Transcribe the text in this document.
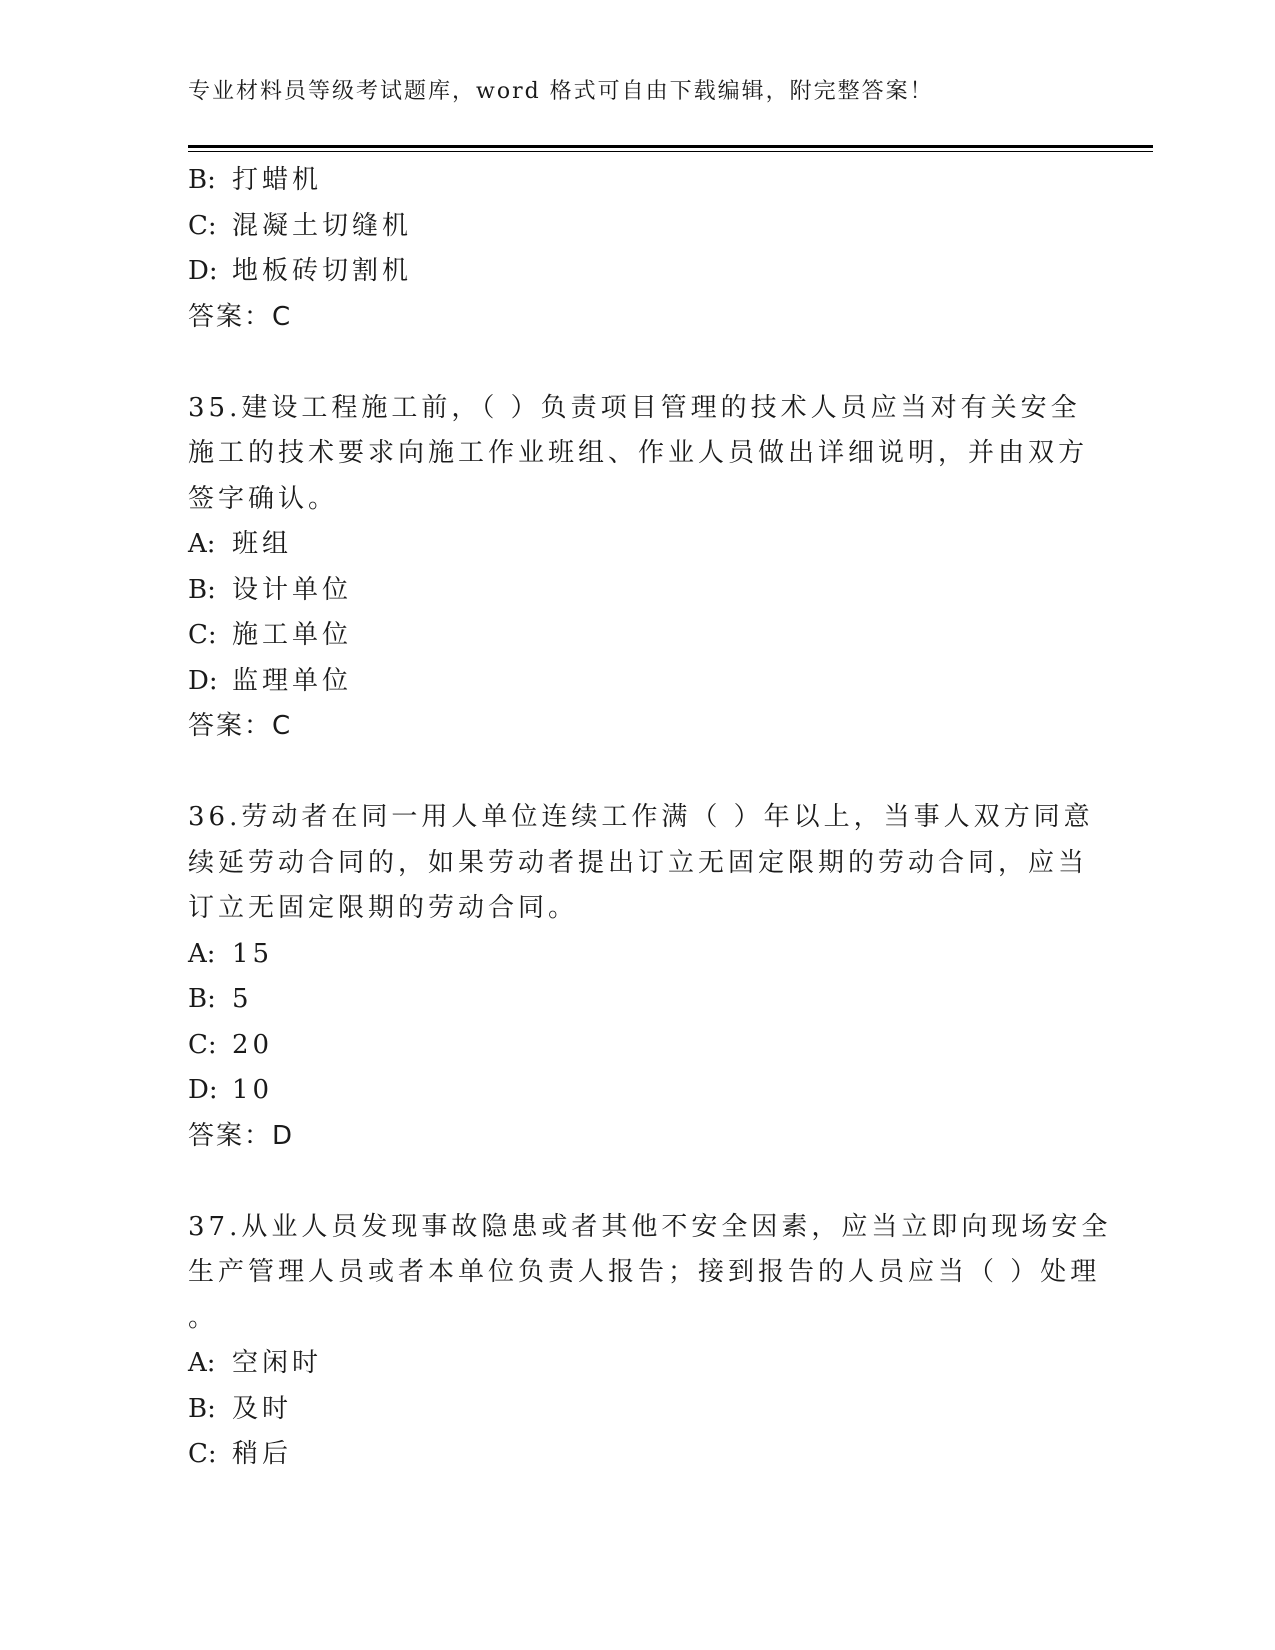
专业材料员等级考试题库，word 格式可自由下载编辑，附完整答案！
B: 打蜡机
C: 混凝土切缝机
D: 地板砖切割机
答案：C
35.建设工程施工前，（ ）负责项目管理的技术人员应当对有关安全
施工的技术要求向施工作业班组、作业人员做出详细说明，并由双方
签字确认。
A: 班组
B: 设计单位
C: 施工单位
D: 监理单位
答案：C
36.劳动者在同一用人单位连续工作满（ ）年以上，当事人双方同意
续延劳动合同的，如果劳动者提出订立无固定限期的劳动合同，应当
订立无固定限期的劳动合同。
A: 15
B: 5
C: 20
D: 10
答案：D
37.从业人员发现事故隐患或者其他不安全因素，应当立即向现场安全
生产管理人员或者本单位负责人报告；接到报告的人员应当（ ）处理
。
A: 空闲时
B: 及时
C: 稍后
